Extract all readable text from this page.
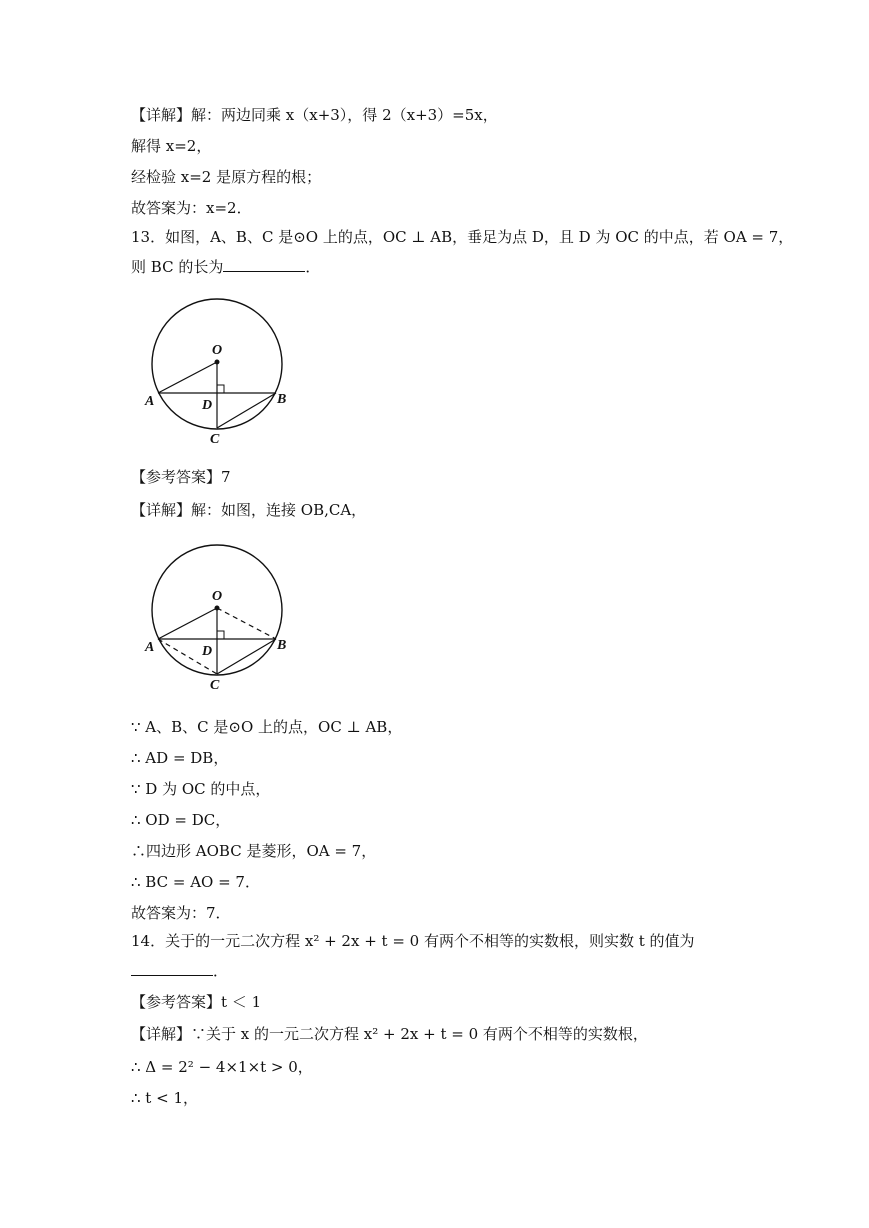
【详解】解：两边同乘 x（x+3），得 2（x+3）=5x，
解得 x=2，
经检验 x=2 是原方程的根；
故答案为：x=2．
13．如图，A、B、C 是⊙O 上的点，OC ⊥ AB，垂足为点 D，且 D 为 OC 的中点，若 OA = 7，
则 BC 的长为	．
O
A	D	B
C
【参考答案】7
【详解】解：如图，连接 OB,CA，
O
A	D	B
C
∵ A、B、C 是⊙O 上的点，OC ⊥ AB，
∴ AD = DB，
∵ D 为 OC 的中点，
∴ OD = DC，
∴四边形 AOBC 是菱形，OA = 7，
∴ BC = AO = 7．
故答案为：7．
14．关于的一元二次方程 x² + 2x + t = 0 有两个不相等的实数根，则实数 t 的值为
．
【参考答案】t ＜ 1
【详解】∵关于 x 的一元二次方程 x² + 2x + t = 0 有两个不相等的实数根，
∴ Δ = 2² − 4×1×t > 0，
∴ t < 1，
